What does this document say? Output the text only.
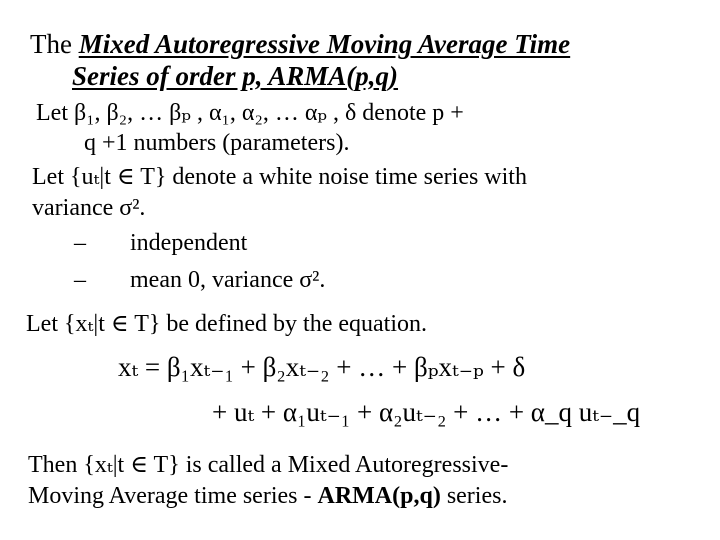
The Mixed Autoregressive Moving Average Time
Series of order p, ARMA(p,q)
Let β₁, β₂, … βₚ , α₁, α₂, … αₚ , δ denote p +
q +1 numbers (parameters).
Let {uₜ|t ∈ T} denote a white noise time series with
variance σ².
–	independent
– mean 0, variance σ².
Let {xₜ|t ∈ T} be defined by the equation.
xₜ = β₁xₜ₋₁ + β₂xₜ₋₂ + … + βₚxₜ₋ₚ + δ
+ uₜ + α₁uₜ₋₁ + α₂uₜ₋₂ + … + α_q uₜ₋_q
Then {xₜ|t ∈ T} is called a Mixed Autoregressive-
Moving Average time series - ARMA(p,q) series.
